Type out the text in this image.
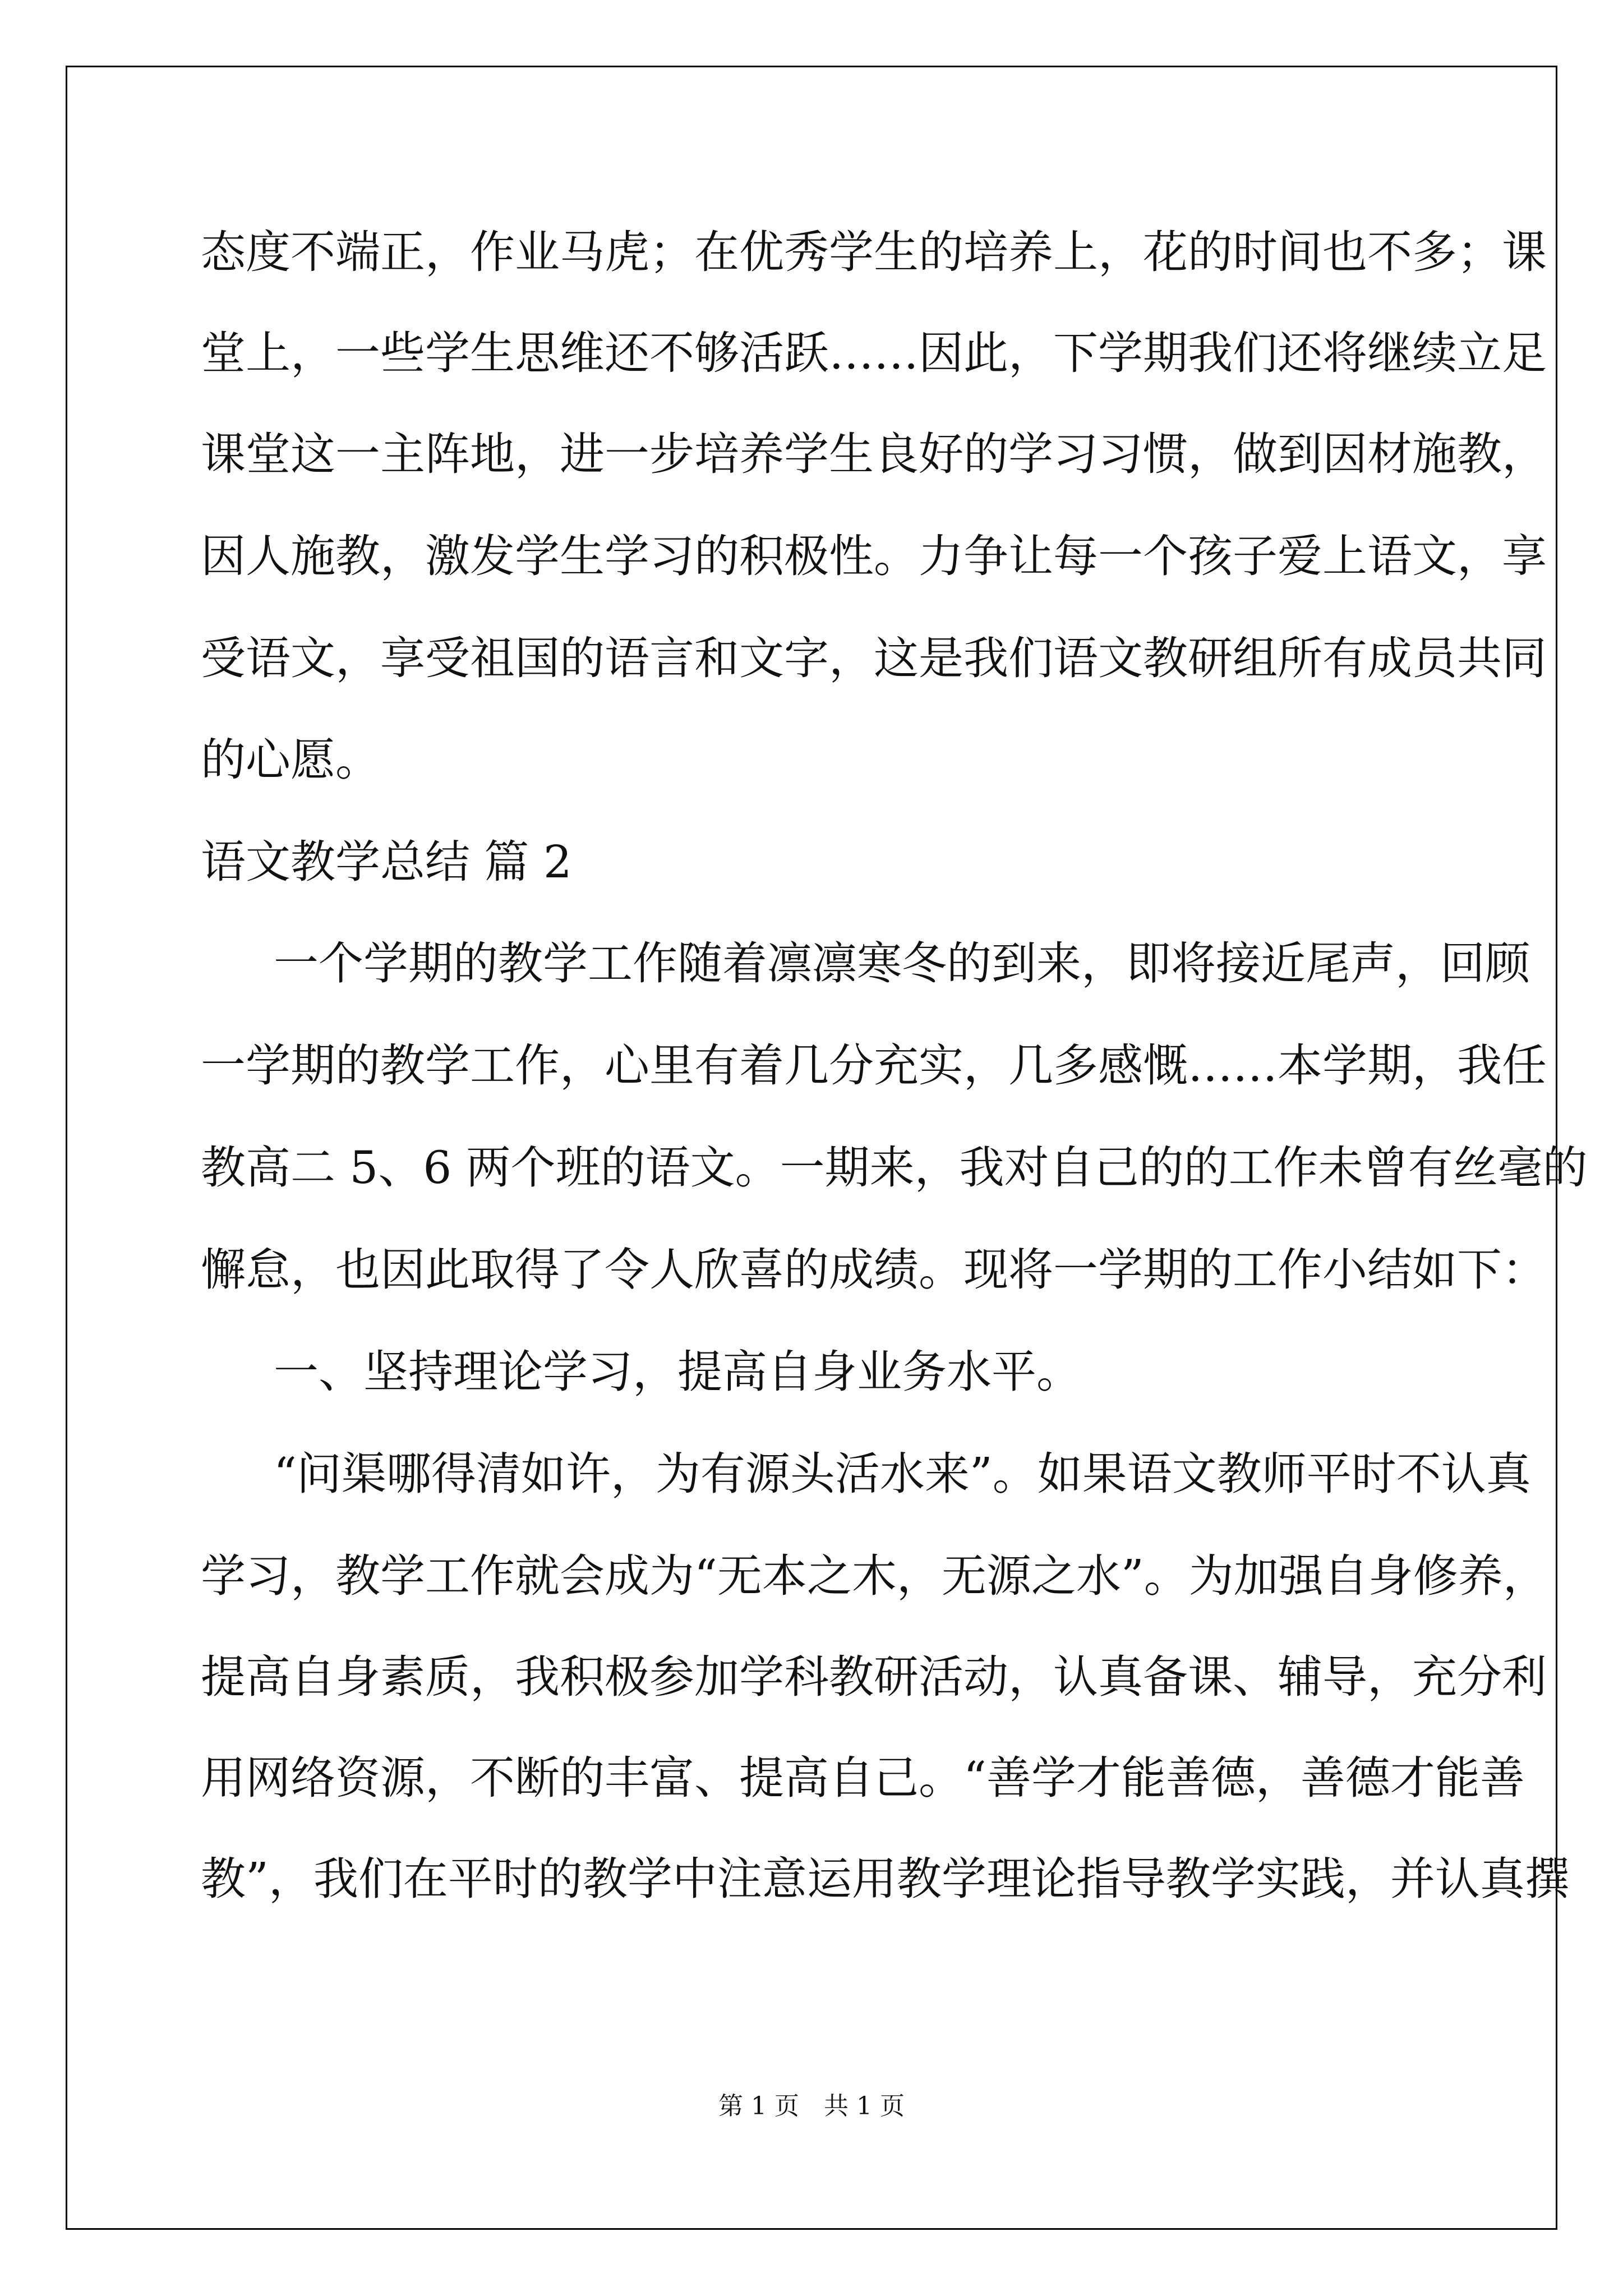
态度不端正，作业马虎；在优秀学生的培养上，花的时间也不多；课

堂上，一些学生思维还不够活跃……因此，下学期我们还将继续立足

课堂这一主阵地，进一步培养学生良好的学习习惯，做到因材施教，

因人施教，激发学生学习的积极性。力争让每一个孩子爱上语文，享

受语文，享受祖国的语言和文字，这是我们语文教研组所有成员共同

的心愿。

语文教学总结 篇 2

一个学期的教学工作随着凛凛寒冬的到来，即将接近尾声，回顾

一学期的教学工作，心里有着几分充实，几多感慨……本学期，我任

教高二 5、6 两个班的语文。一期来，我对自己的的工作未曾有丝毫的

懈怠，也因此取得了令人欣喜的成绩。现将一学期的工作小结如下：

一、坚持理论学习，提高自身业务水平。

“问渠哪得清如许，为有源头活水来”。如果语文教师平时不认真

学习，教学工作就会成为“无本之木，无源之水”。为加强自身修养，

提高自身素质，我积极参加学科教研活动，认真备课、辅导，充分利

用网络资源，不断的丰富、提高自己。“善学才能善德，善德才能善

教”，我们在平时的教学中注意运用教学理论指导教学实践，并认真撰

第 1 页　共 1 页
